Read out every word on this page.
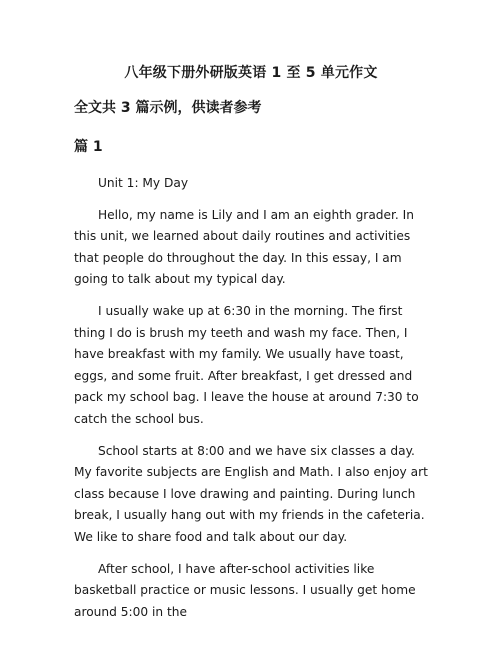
八年级下册外研版英语 1 至 5 单元作文
全文共 3 篇示例，供读者参考
篇 1

Unit 1: My Day

Hello, my name is Lily and I am an eighth grader. In this unit, we learned about daily routines and activities that people do throughout the day. In this essay, I am going to talk about my typical day.

I usually wake up at 6:30 in the morning. The first thing I do is brush my teeth and wash my face. Then, I have breakfast with my family. We usually have toast, eggs, and some fruit. After breakfast, I get dressed and pack my school bag. I leave the house at around 7:30 to catch the school bus.

School starts at 8:00 and we have six classes a day. My favorite subjects are English and Math. I also enjoy art class because I love drawing and painting. During lunch break, I usually hang out with my friends in the cafeteria. We like to share food and talk about our day.

After school, I have after-school activities like basketball practice or music lessons. I usually get home around 5:00 in the
